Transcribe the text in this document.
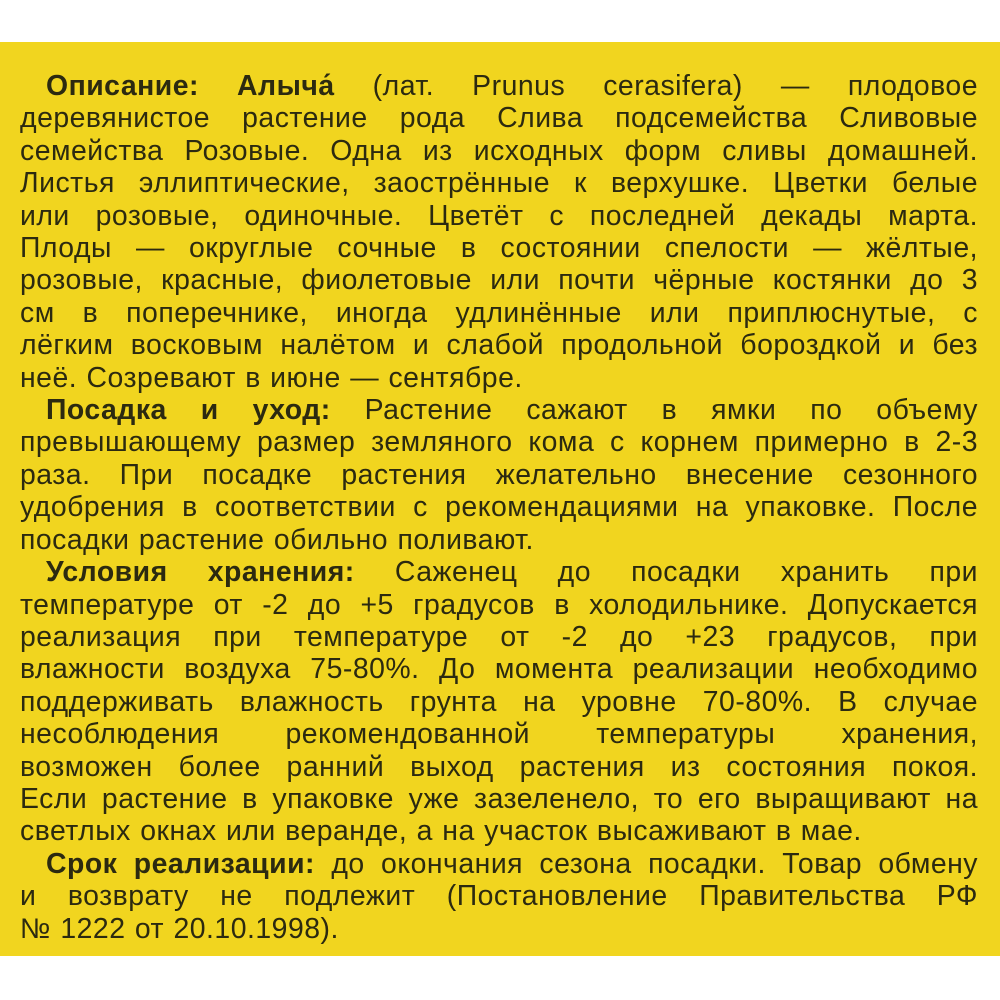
Описание: Алыча́ (лат. Prunus cerasifera) — плодовое
деревянистое растение рода Слива подсемейства Сливовые
семейства Розовые. Одна из исходных форм сливы домашней.
Листья эллиптические, заострённые к верхушке. Цветки белые
или розовые, одиночные. Цветёт с последней декады марта.
Плоды — округлые сочные в состоянии спелости — жёлтые,
розовые, красные, фиолетовые или почти чёрные костянки до 3
см в поперечнике, иногда удлинённые или приплюснутые, с
лёгким восковым налётом и слабой продольной бороздкой и без
неё. Созревают в июне — сентябре.
Посадка и уход: Растение сажают в ямки по объему
превышающему размер земляного кома с корнем примерно в 2-3
раза. При посадке растения желательно внесение сезонного
удобрения в соответствии с рекомендациями на упаковке. После
посадки растение обильно поливают.
Условия хранения: Саженец до посадки хранить при
температуре от -2 до +5 градусов в холодильнике. Допускается
реализация при температуре от -2 до +23 градусов, при
влажности воздуха 75-80%. До момента реализации необходимо
поддерживать влажность грунта на уровне 70-80%. В случае
несоблюдения рекомендованной температуры хранения,
возможен более ранний выход растения из состояния покоя.
Если растение в упаковке уже зазеленело, то его выращивают на
светлых окнах или веранде, а на участок высаживают в мае.
Срок реализации: до окончания сезона посадки. Товар обмену
и возврату не подлежит (Постановление Правительства РФ
№ 1222 от 20.10.1998).
